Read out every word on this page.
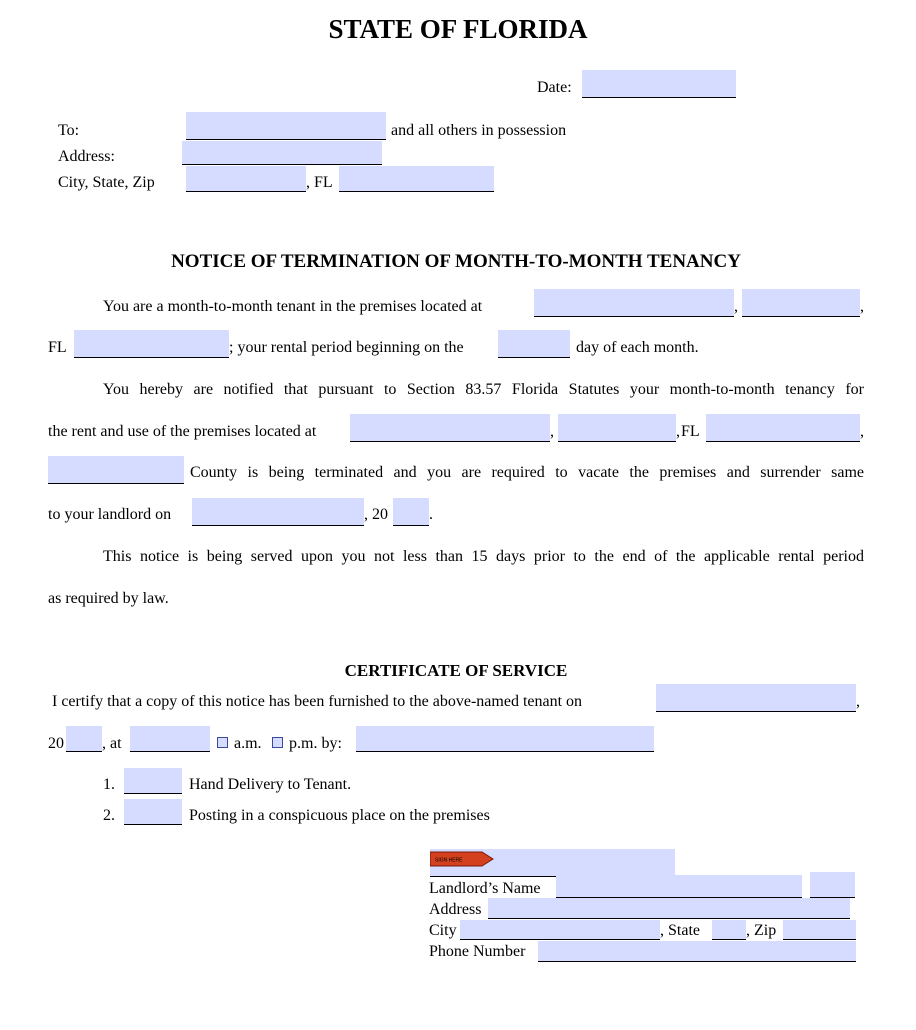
STATE OF FLORIDA
Date:
To:	and all others in possession
Address:
City, State, Zip	, FL
NOTICE OF TERMINATION OF MONTH-TO-MONTH TENANCY
You are a month-to-month tenant in the premises located at	,	,
FL	; your rental period beginning on the	day of each month.
You hereby are notified that pursuant to Section 83.57 Florida Statutes your month-to-month tenancy for
the rent and use of the premises located at	,	, FL	,
County is being terminated and you are required to vacate the premises and surrender same
to your landlord on	, 20	.
This notice is being served upon you not less than 15 days prior to the end of the applicable rental period
as required by law.
CERTIFICATE OF SERVICE
I certify that a copy of this notice has been furnished to the above-named tenant on	,
20 , at	a.m. p.m. by:
1.	Hand Delivery to Tenant.
2.	Posting in a conspicuous place on the premises
SIGN HERE
Landlord’s Name
Address
City	, State	, Zip
Phone Number
